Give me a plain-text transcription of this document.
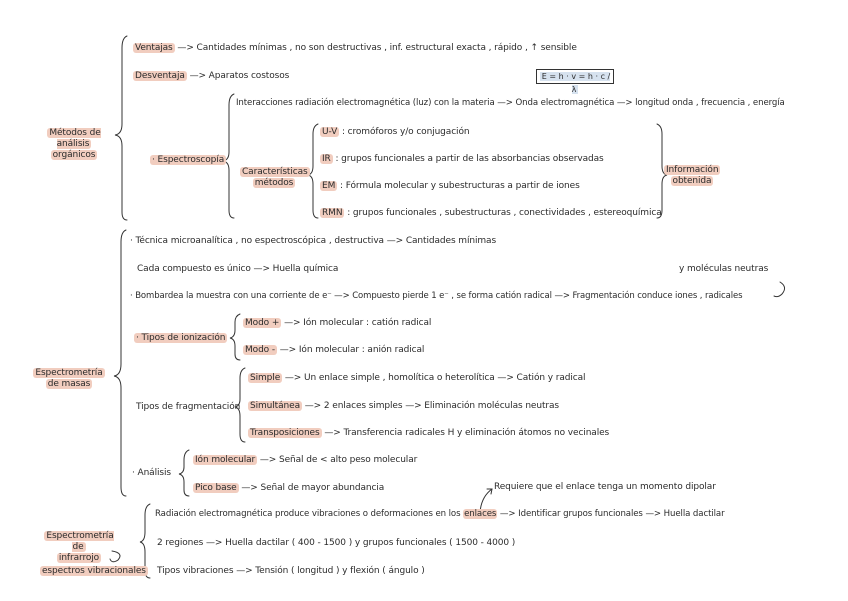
Métodos de análisis
orgánicos
Ventajas —> Cantidades mínimas , no son destructivas , inf. estructural exacta , rápido , ↑ sensible
Desventaja —> Aparatos costosos	E = h · v = h · c / λ
· Espectroscopía
Interacciones radiación electromagnética (luz) con la materia —> Onda electromagnética —> longitud onda , frecuencia , energía
Características
métodos
U-V : cromóforos y/o conjugación
IR : grupos funcionales a partir de las absorbancias observadas
EM : Fórmula molecular y subestructuras a partir de iones
RMN : grupos funcionales , subestructuras , conectividades , estereoquímica
Información
obtenida
Espectrometría
de masas
· Técnica microanalítica , no espectroscópica , destructiva —> Cantidades mínimas
Cada compuesto es único —> Huella química	y moléculas neutras
· Bombardea la muestra con una corriente de e⁻ —> Compuesto pierde 1 e⁻ , se forma catión radical —> Fragmentación conduce iones , radicales
· Tipos de ionización
Modo + —> Ión molecular : catión radical
Modo - —> Ión molecular : anión radical
Tipos de fragmentación
Simple —> Un enlace simple , homolítica o heterolítica —> Catión y radical
Simultánea —> 2 enlaces simples —> Eliminación moléculas neutras
Transposiciones —> Transferencia radicales H y eliminación átomos no vecinales
· Análisis
Ión molecular —> Señal de < alto peso molecular
Pico base —> Señal de mayor abundancia	Requiere que el enlace tenga un momento dipolar
Espectrometría de
infrarrojo
espectros vibracionales
Radiación electromagnética produce vibraciones o deformaciones en los enlaces —> Identificar grupos funcionales —> Huella dactilar
2 regiones —> Huella dactilar ( 400 - 1500 ) y grupos funcionales ( 1500 - 4000 )
Tipos vibraciones —> Tensión ( longitud ) y flexión ( ángulo )
